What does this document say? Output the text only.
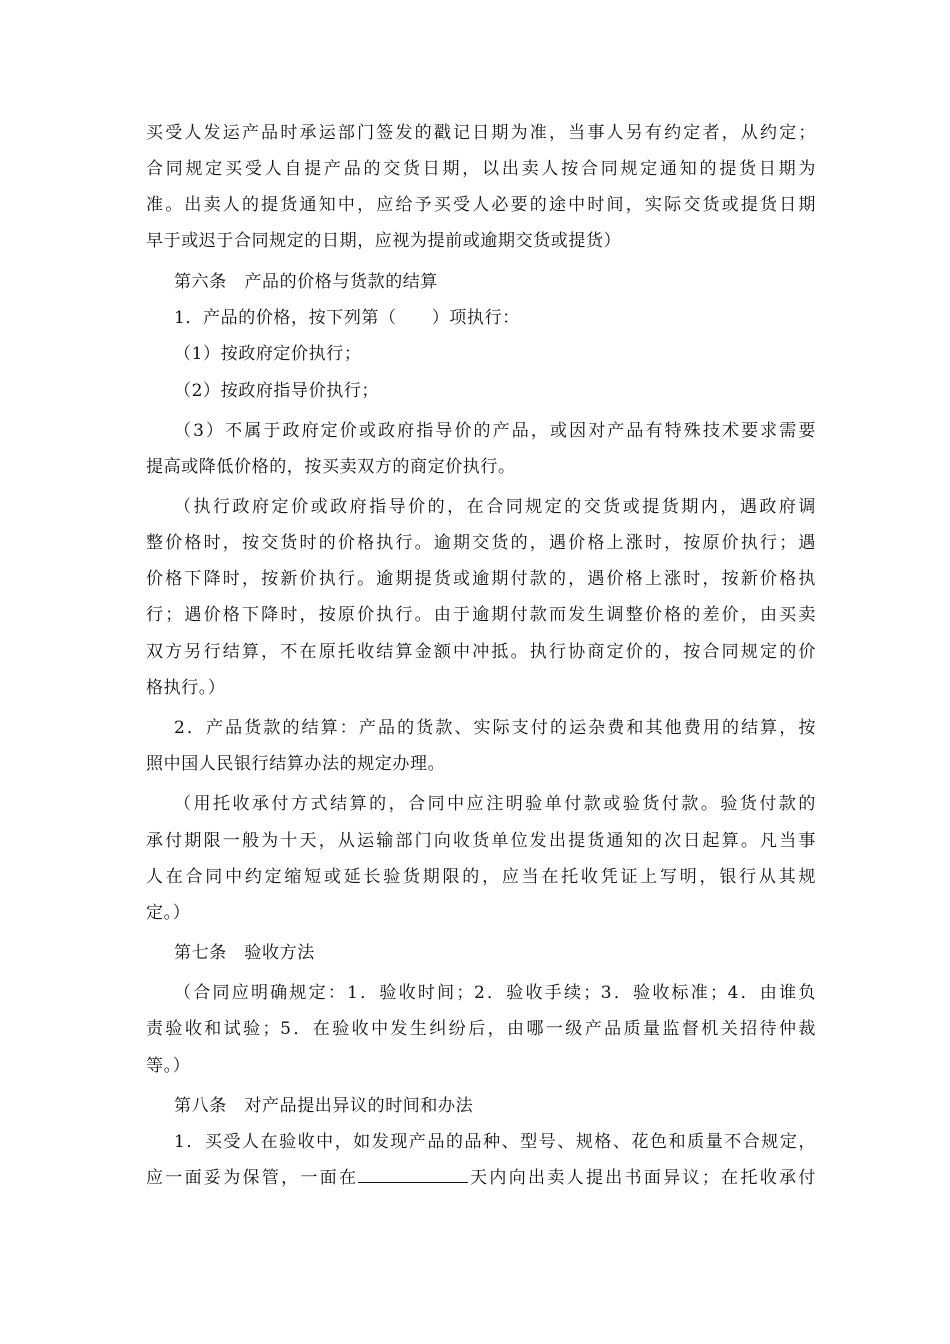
买受人发运产品时承运部门签发的戳记日期为准，当事人另有约定者，从约定；
合同规定买受人自提产品的交货日期，以出卖人按合同规定通知的提货日期为
准。出卖人的提货通知中，应给予买受人必要的途中时间，实际交货或提货日期
早于或迟于合同规定的日期，应视为提前或逾期交货或提货）
第六条　产品的价格与货款的结算
1．产品的价格，按下列第（　　）项执行：
（1）按政府定价执行；
（2）按政府指导价执行；
（3）不属于政府定价或政府指导价的产品，或因对产品有特殊技术要求需要
提高或降低价格的，按买卖双方的商定价执行。
（执行政府定价或政府指导价的，在合同规定的交货或提货期内，遇政府调
整价格时，按交货时的价格执行。逾期交货的，遇价格上涨时，按原价执行；遇
价格下降时，按新价执行。逾期提货或逾期付款的，遇价格上涨时，按新价格执
行；遇价格下降时，按原价执行。由于逾期付款而发生调整价格的差价，由买卖
双方另行结算，不在原托收结算金额中冲抵。执行协商定价的，按合同规定的价
格执行。）
2．产品货款的结算：产品的货款、实际支付的运杂费和其他费用的结算，按
照中国人民银行结算办法的规定办理。
（用托收承付方式结算的，合同中应注明验单付款或验货付款。验货付款的
承付期限一般为十天，从运输部门向收货单位发出提货通知的次日起算。凡当事
人在合同中约定缩短或延长验货期限的，应当在托收凭证上写明，银行从其规
定。）
第七条　验收方法
（合同应明确规定：1．验收时间；2．验收手续；3．验收标准；4．由谁负
责验收和试验；5．在验收中发生纠纷后，由哪一级产品质量监督机关招待仲裁
等。）
第八条　对产品提出异议的时间和办法
1．买受人在验收中，如发现产品的品种、型号、规格、花色和质量不合规定，
应一面妥为保管，一面在	天内向出卖人提出书面异议；在托收承付
